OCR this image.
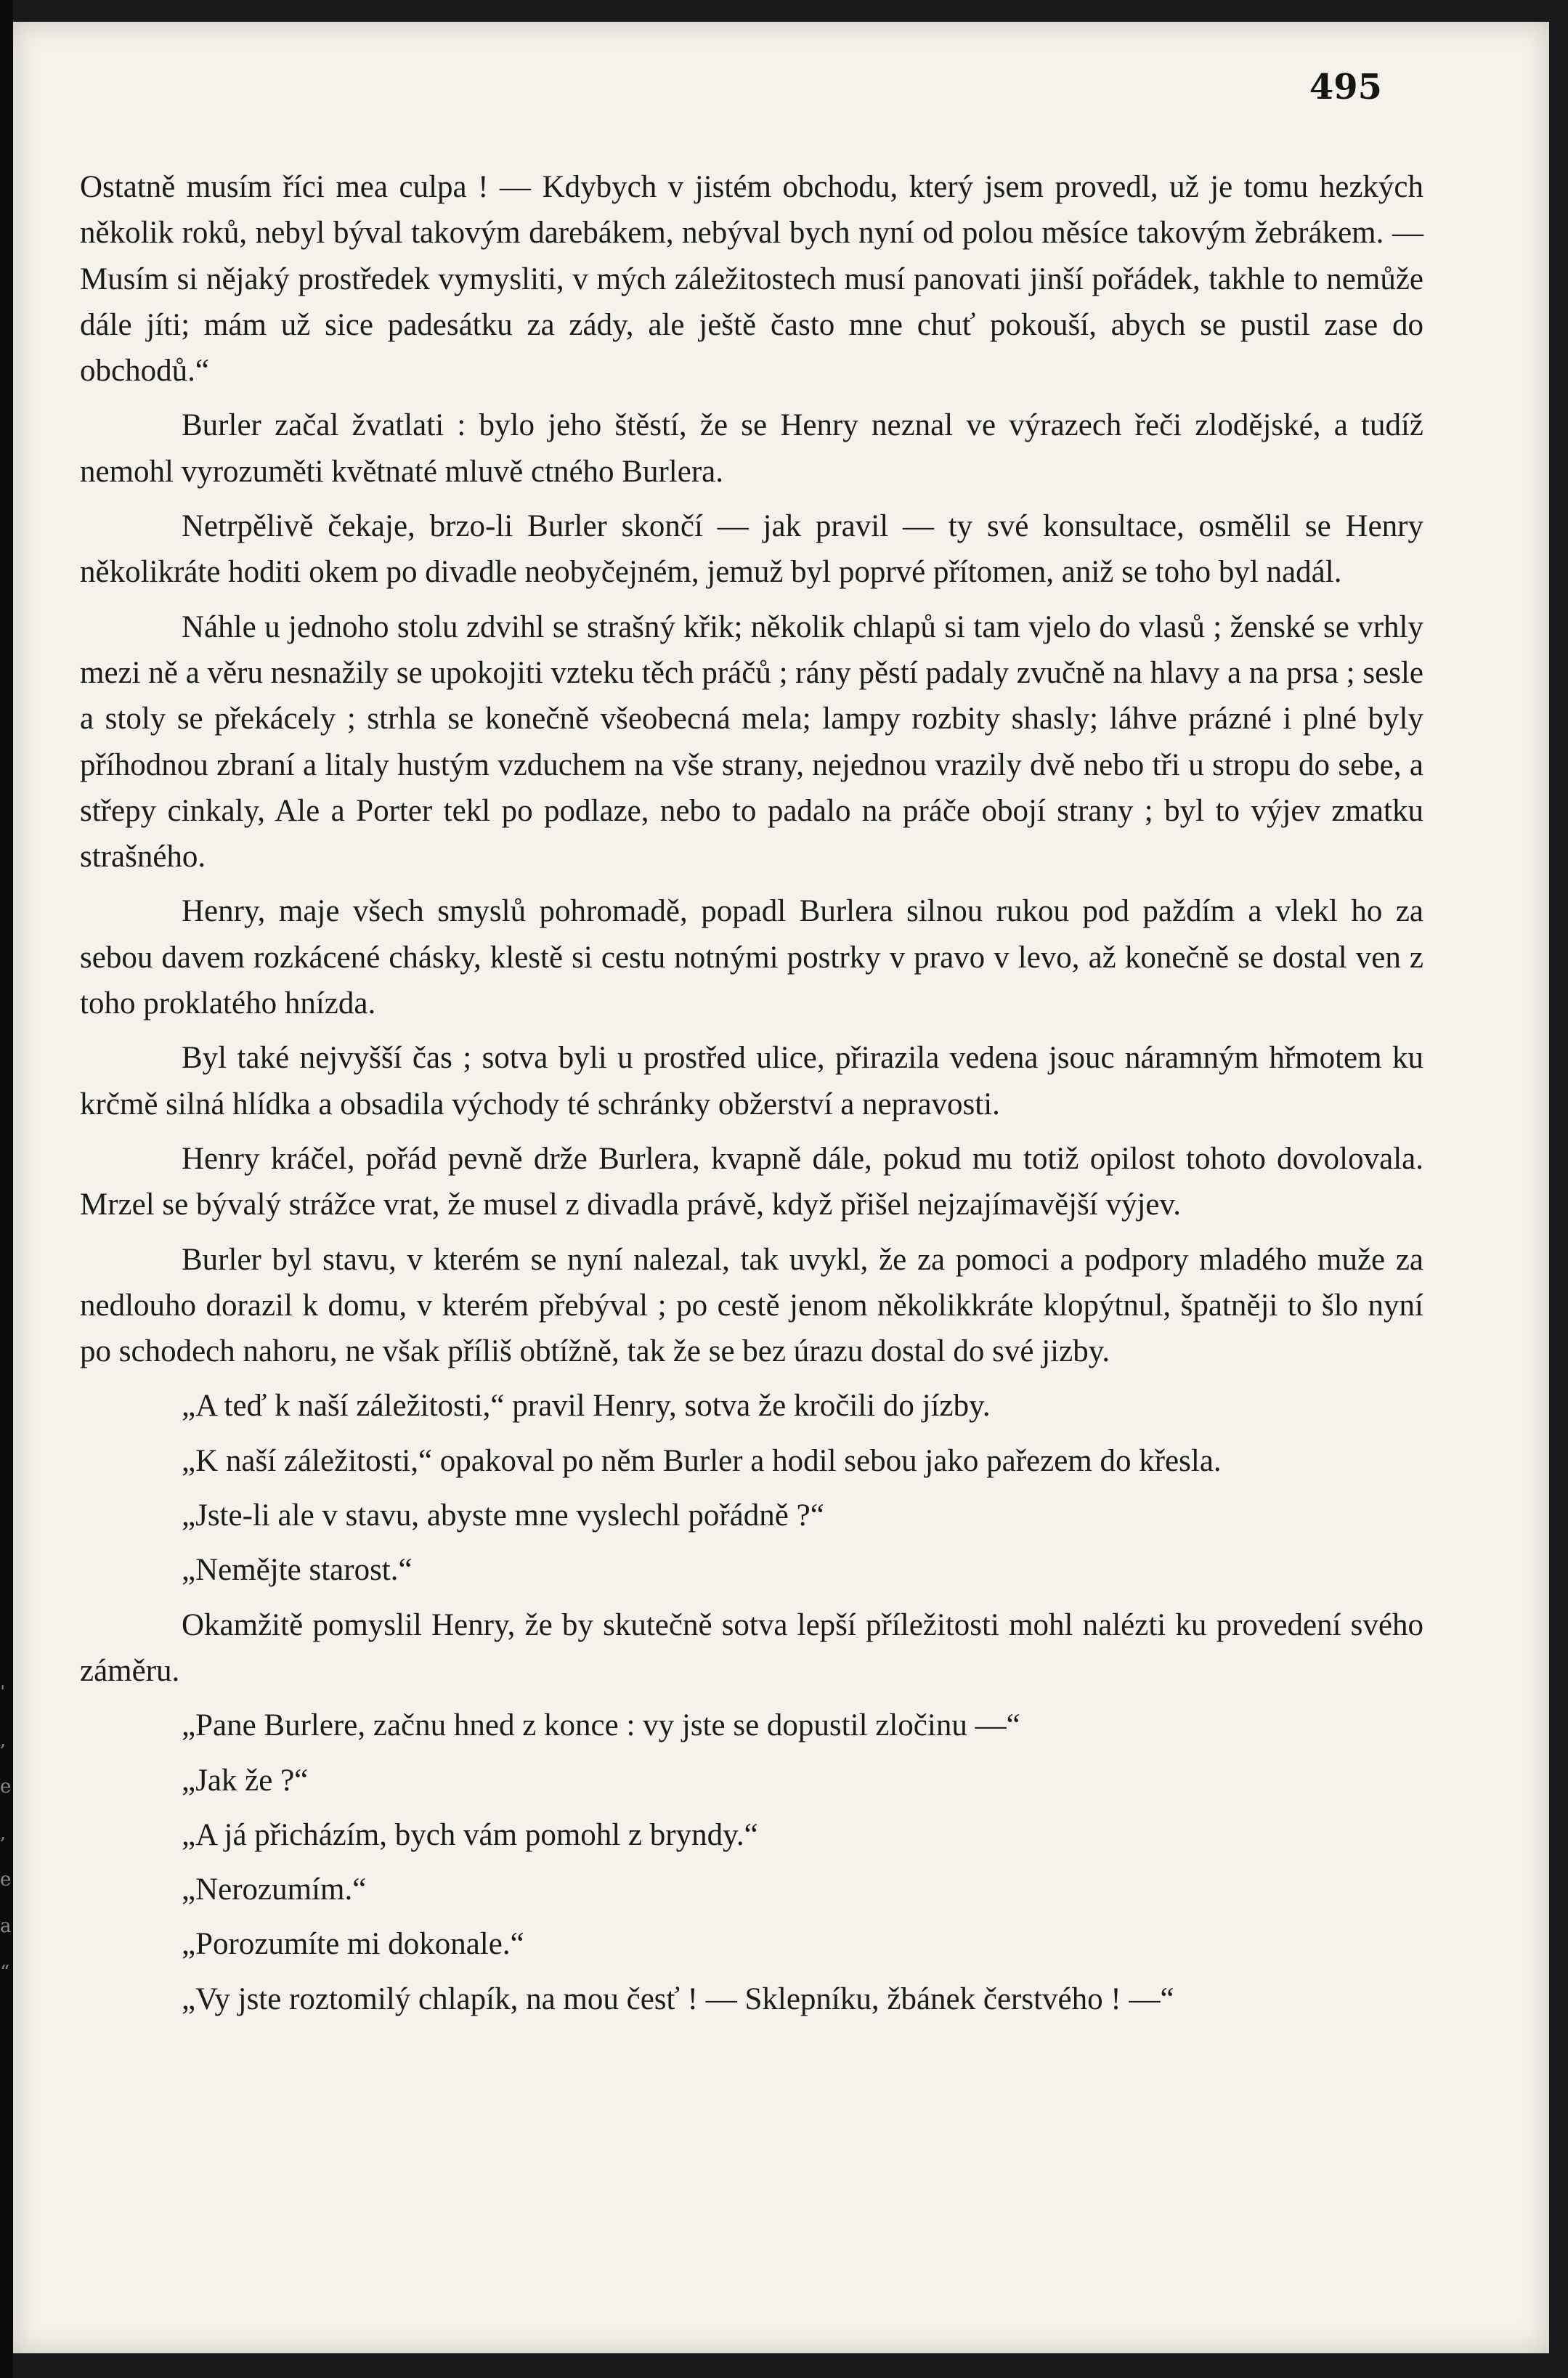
ˈ
,
e
,
e
a
“
495

Ostatně musím říci mea culpa ! — Kdybych v jistém obchodu, který jsem provedl, už je tomu hezkých několik roků, nebyl býval takovým darebákem, nebýval bych nyní od polou měsíce takovým žebrákem. — Musím si nějaký prostředek vymysliti, v mých záležitostech musí panovati jinší pořádek, takhle to nemůže dále jíti; mám už sice padesátku za zády, ale ještě často mne chuť pokouší, abych se pustil zase do obchodů.“

Burler začal žvatlati : bylo jeho štěstí, že se Henry neznal ve výrazech řeči zlodějské, a tudíž nemohl vyrozuměti květnaté mluvě ctného Burlera.

Netrpělivě čekaje, brzo-li Burler skončí — jak pravil — ty své konsultace, osmělil se Henry několikráte hoditi okem po divadle neobyčejném, jemuž byl poprvé přítomen, aniž se toho byl nadál.

Náhle u jednoho stolu zdvihl se strašný křik; několik chlapů si tam vjelo do vlasů ; ženské se vrhly mezi ně a věru nesnažily se upokojiti vzteku těch práčů ; rány pěstí padaly zvučně na hlavy a na prsa ; sesle a stoly se překácely ; strhla se konečně všeobecná mela; lampy rozbity shasly; láhve prázné i plné byly příhodnou zbraní a litaly hustým vzduchem na vše strany, nejednou vrazily dvě nebo tři u stropu do sebe, a střepy cinkaly, Ale a Porter tekl po podlaze, nebo to padalo na práče obojí strany ; byl to výjev zmatku strašného.

Henry, maje všech smyslů pohromadě, popadl Burlera silnou rukou pod paždím a vlekl ho za sebou davem rozkácené chásky, klestě si cestu notnými postrky v pravo v levo, až konečně se dostal ven z toho proklatého hnízda.

Byl také nejvyšší čas ; sotva byli u prostřed ulice, přirazila vedena jsouc náramným hřmotem ku krčmě silná hlídka a obsadila východy té schránky obžerství a nepravosti.

Henry kráčel, pořád pevně drže Burlera, kvapně dále, pokud mu totiž opilost tohoto dovolovala. Mrzel se bývalý strážce vrat, že musel z divadla právě, když přišel nejzajímavější výjev.

Burler byl stavu, v kterém se nyní nalezal, tak uvykl, že za pomoci a podpory mladého muže za nedlouho dorazil k domu, v kterém přebýval ; po cestě jenom několikkráte klopýtnul, špatněji to šlo nyní po schodech nahoru, ne však příliš obtížně, tak že se bez úrazu dostal do své jizby.

„A teď k naší záležitosti,“ pravil Henry, sotva že kročili do jízby.

„K naší záležitosti,“ opakoval po něm Burler a hodil sebou jako pařezem do křesla.

„Jste-li ale v stavu, abyste mne vyslechl pořádně ?“

„Nemějte starost.“

Okamžitě pomyslil Henry, že by skutečně sotva lepší příležitosti mohl nalézti ku provedení svého záměru.

„Pane Burlere, začnu hned z konce : vy jste se dopustil zločinu —“

„Jak že ?“

„A já přicházím, bych vám pomohl z bryndy.“

„Nerozumím.“

„Porozumíte mi dokonale.“

„Vy jste roztomilý chlapík, na mou česť ! — Sklepníku, žbánek čerstvého ! —“
